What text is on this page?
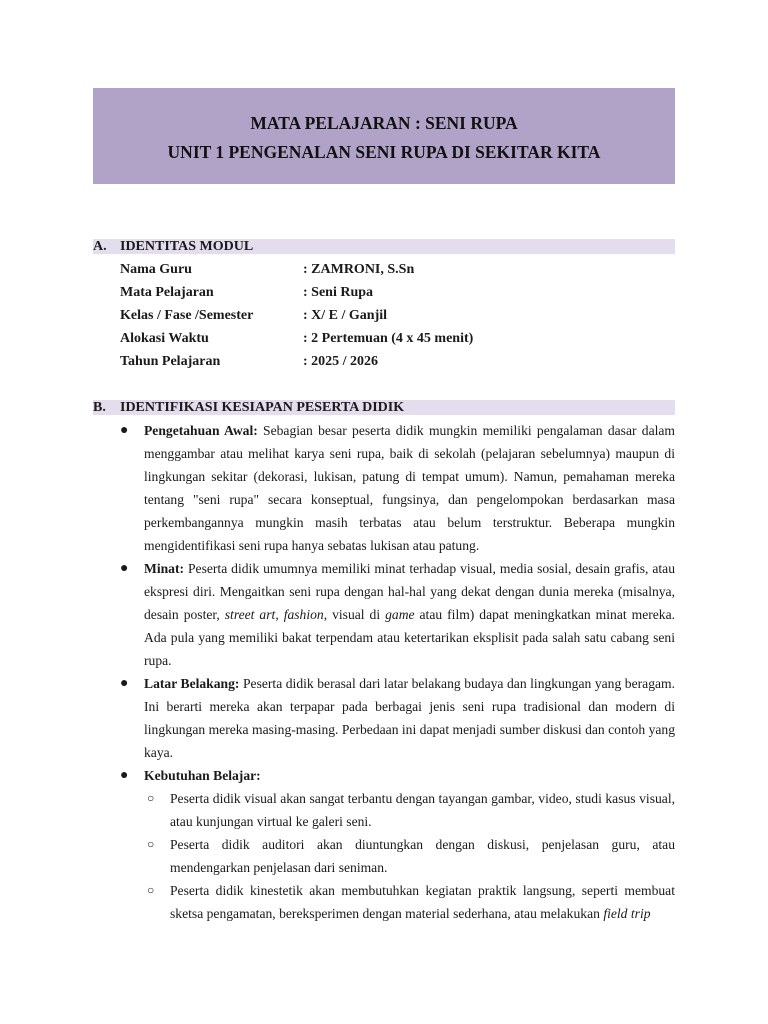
MATA PELAJARAN : SENI RUPA
UNIT 1 PENGENALAN SENI RUPA DI SEKITAR KITA
A. IDENTITAS MODUL
Nama Guru	: ZAMRONI, S.Sn
Mata Pelajaran	: Seni Rupa
Kelas / Fase /Semester	: X/ E / Ganjil
Alokasi Waktu	: 2 Pertemuan (4 x 45 menit)
Tahun Pelajaran	: 2025 / 2026
B. IDENTIFIKASI KESIAPAN PESERTA DIDIK
● Pengetahuan Awal: Sebagian besar peserta didik mungkin memiliki pengalaman dasar dalam menggambar atau melihat karya seni rupa, baik di sekolah (pelajaran sebelumnya) maupun di lingkungan sekitar (dekorasi, lukisan, patung di tempat umum). Namun, pemahaman mereka tentang "seni rupa" secara konseptual, fungsinya, dan pengelompokan berdasarkan masa perkembangannya mungkin masih terbatas atau belum terstruktur. Beberapa mungkin mengidentifikasi seni rupa hanya sebatas lukisan atau patung.

● Minat: Peserta didik umumnya memiliki minat terhadap visual, media sosial, desain grafis, atau ekspresi diri. Mengaitkan seni rupa dengan hal-hal yang dekat dengan dunia mereka (misalnya, desain poster, street art, fashion, visual di game atau film) dapat meningkatkan minat mereka. Ada pula yang memiliki bakat terpendam atau ketertarikan eksplisit pada salah satu cabang seni rupa.

● Latar Belakang: Peserta didik berasal dari latar belakang budaya dan lingkungan yang beragam. Ini berarti mereka akan terpapar pada berbagai jenis seni rupa tradisional dan modern di lingkungan mereka masing-masing. Perbedaan ini dapat menjadi sumber diskusi dan contoh yang kaya.

● Kebutuhan Belajar:

○ Peserta didik visual akan sangat terbantu dengan tayangan gambar, video, studi kasus visual, atau kunjungan virtual ke galeri seni.

○ Peserta didik auditori akan diuntungkan dengan diskusi, penjelasan guru, atau mendengarkan penjelasan dari seniman.

○ Peserta didik kinestetik akan membutuhkan kegiatan praktik langsung, seperti membuat sketsa pengamatan, bereksperimen dengan material sederhana, atau melakukan field trip
